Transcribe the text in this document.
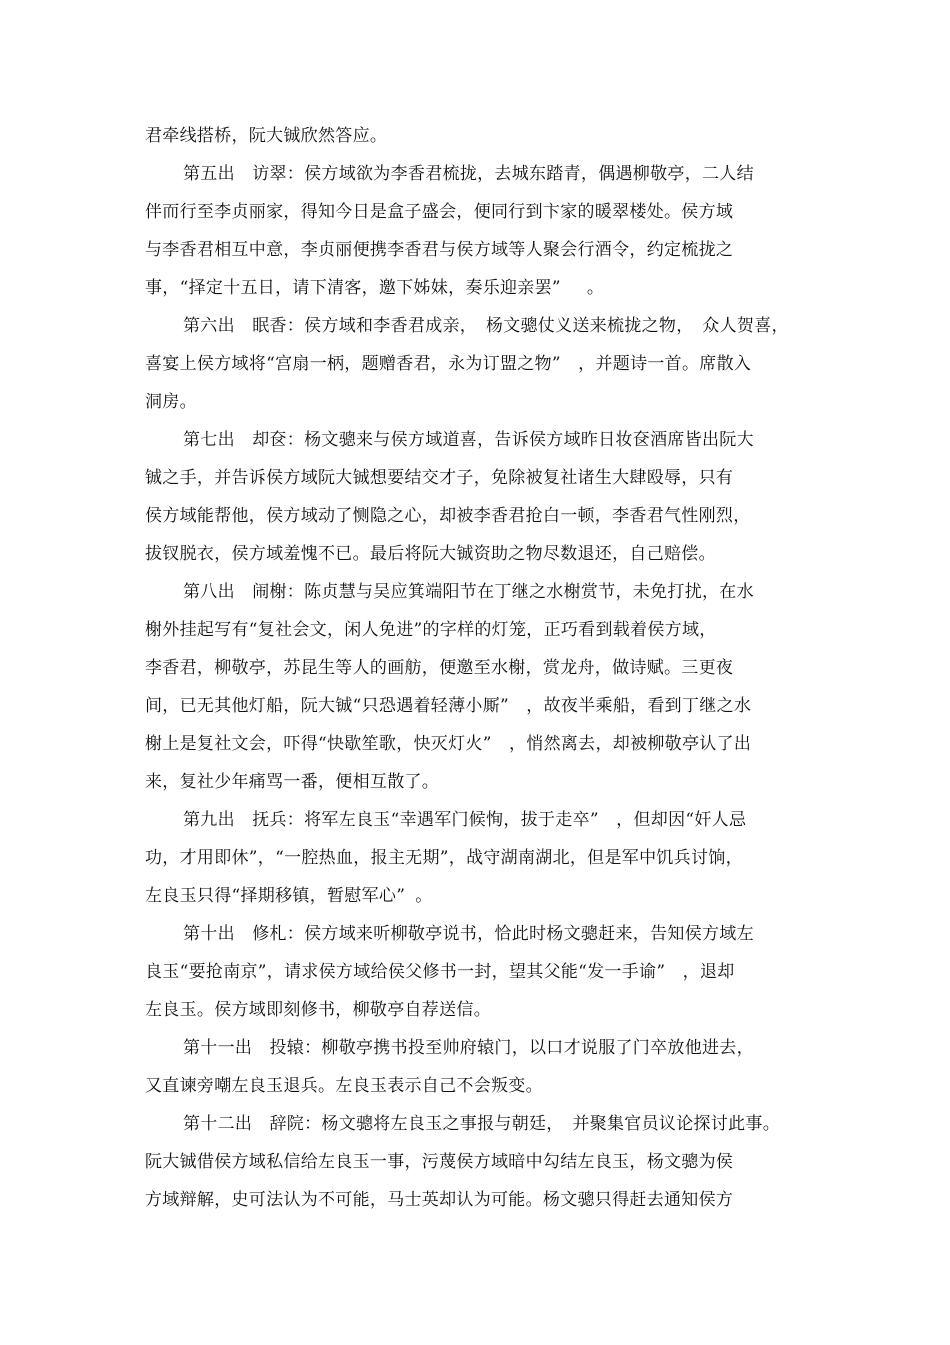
君牵线搭桥，阮大铖欣然答应。
第五出　访翠：侯方域欲为李香君梳拢，去城东踏青，偶遇柳敬亭，二人结
伴而行至李贞丽家，得知今日是盒子盛会，便同行到卞家的暖翠楼处。侯方域
与李香君相互中意，李贞丽便携李香君与侯方域等人聚会行酒令，约定梳拢之
事，“择定十五日，请下清客，邀下姊妹，奏乐迎亲罢” 。
第六出　眠香：侯方域和李香君成亲，　杨文骢仗义送来梳拢之物，　众人贺喜，
喜宴上侯方域将“宫扇一柄，题赠香君，永为订盟之物”　，并题诗一首。席散入
洞房。
第七出　却奁：杨文骢来与侯方域道喜，告诉侯方域昨日妆奁酒席皆出阮大
铖之手，并告诉侯方域阮大铖想要结交才子，免除被复社诸生大肆殴辱，只有
侯方域能帮他，侯方域动了恻隐之心，却被李香君抢白一顿，李香君气性刚烈，
拔钗脱衣，侯方域羞愧不已。最后将阮大铖资助之物尽数退还，自己赔偿。
第八出　闹榭：陈贞慧与吴应箕端阳节在丁继之水榭赏节，未免打扰，在水
榭外挂起写有“复社会文，闲人免进”的字样的灯笼，正巧看到载着侯方域，
李香君，柳敬亭，苏昆生等人的画舫，便邀至水榭，赏龙舟，做诗赋。三更夜
间，已无其他灯船，阮大铖“只恐遇着轻薄小厮”　，故夜半乘船，看到丁继之水
榭上是复社文会，吓得“快歇笙歌，快灭灯火”　，悄然离去，却被柳敬亭认了出
来，复社少年痛骂一番，便相互散了。
第九出　抚兵：将军左良玉“幸遇军门候恂，拔于走卒”　，但却因“奸人忌
功，才用即休”，“一腔热血，报主无期”，战守湖南湖北，但是军中饥兵讨饷，
左良玉只得“择期移镇，暂慰军心” 。
第十出　修札：侯方域来听柳敬亭说书，恰此时杨文骢赶来，告知侯方域左
良玉“要抢南京”，请求侯方域给侯父修书一封，望其父能“发一手谕”　，退却
左良玉。侯方域即刻修书，柳敬亭自荐送信。
第十一出　投辕：柳敬亭携书投至帅府辕门，以口才说服了门卒放他进去，
又直谏旁嘲左良玉退兵。左良玉表示自己不会叛变。
第十二出　辞院：杨文骢将左良玉之事报与朝廷，　并聚集官员议论探讨此事。
阮大铖借侯方域私信给左良玉一事，污蔑侯方域暗中勾结左良玉，杨文骢为侯
方域辩解，史可法认为不可能，马士英却认为可能。杨文骢只得赶去通知侯方
